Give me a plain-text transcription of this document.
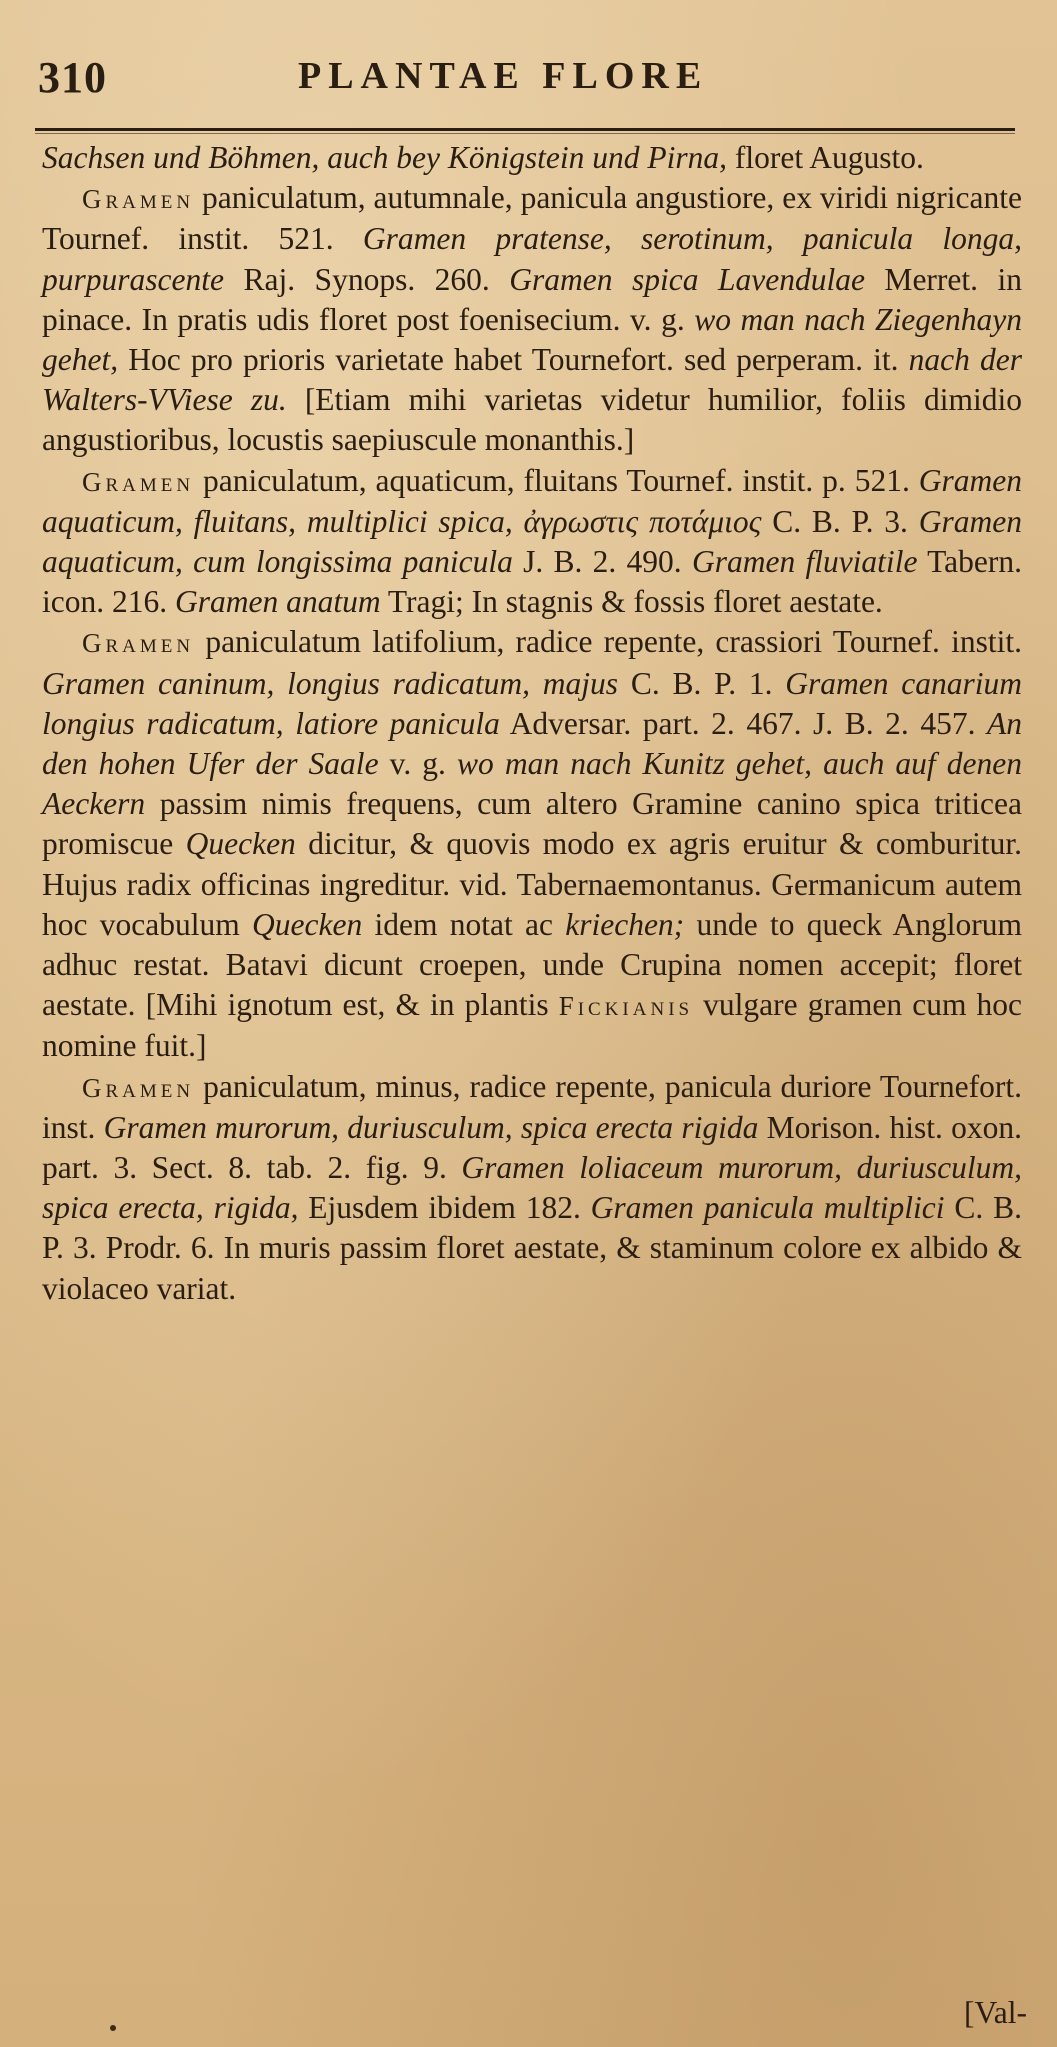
310	PLANTAE FLORE

Sachsen und Böhmen, auch bey Königstein und Pirna, floret Augusto.

Gramen paniculatum, autumnale, panicula angustiore, ex viridi nigricante Tournef. instit. 521. Gramen pratense, serotinum, panicula longa, purpurascente Raj. Synops. 260. Gramen spica Lavendulae Merret. in pinace. In pratis udis floret post foenisecium. v. g. wo man nach Ziegenhayn gehet, Hoc pro prioris varietate habet Tournefort. sed perperam. it. nach der Walters-VViese zu. [Etiam mihi varietas videtur humilior, foliis dimidio angustioribus, locustis saepiuscule monanthis.]

Gramen paniculatum, aquaticum, fluitans Tournef. instit. p. 521. Gramen aquaticum, fluitans, multiplici spica, ἀγρωστις ποτάμιος C. B. P. 3. Gramen aquaticum, cum longissima panicula J. B. 2. 490. Gramen fluviatile Tabern. icon. 216. Gramen anatum Tragi; In stagnis & fossis floret aestate.

Gramen paniculatum latifolium, radice repente, crassiori Tournef. instit. Gramen caninum, longius radicatum, majus C. B. P. 1. Gramen canarium longius radicatum, latiore panicula Adversar. part. 2. 467. J. B. 2. 457. An den hohen Ufer der Saale v. g. wo man nach Kunitz gehet, auch auf denen Aeckern passim nimis frequens, cum altero Gramine canino spica triticea promiscue Quecken dicitur, & quovis modo ex agris eruitur & comburitur. Hujus radix officinas ingreditur. vid. Tabernaemontanus. Germanicum autem hoc vocabulum Quecken idem notat ac kriechen; unde to queck Anglorum adhuc restat. Batavi dicunt croepen, unde Crupina nomen accepit; floret aestate. [Mihi ignotum est, & in plantis Fickianis vulgare gramen cum hoc nomine fuit.]

Gramen paniculatum, minus, radice repente, panicula duriore Tournefort. inst. Gramen murorum, duriusculum, spica erecta rigida Morison. hist. oxon. part. 3. Sect. 8. tab. 2. fig. 9. Gramen loliaceum murorum, duriusculum, spica erecta, rigida, Ejusdem ibidem 182. Gramen panicula multiplici C. B. P. 3. Prodr. 6. In muris passim floret aestate, & staminum colore ex albido & violaceo variat.

[Val-
